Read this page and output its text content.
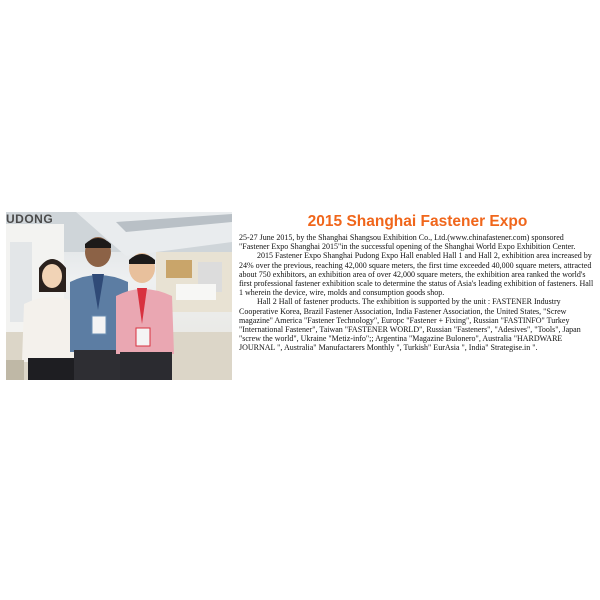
UDONG	2015 Shanghai Fastener Expo

25-27 June 2015, by the Shanghai Shangsou Exhibition Co., Ltd.(www.chinafastener.com) sponsored "Fastener Expo Shanghai 2015"in the successful opening of the Shanghai World Expo Exhibition Center.

2015 Fastener Expo Shanghai Pudong Expo Hall enabled Hall 1 and Hall 2, exhibition area increased by 24% over the previous, reaching 42,000 square meters, the first time exceeded 40,000 square meters, attracted about 750 exhibitors, an exhibition area of over 42,000 square meters, the exhibition area ranked the world's first professional fastener exhibition scale to determine the status of Asia's leading exhibition of fasteners. Hall 1 wherein the device, wire, molds and consumption goods shop.

Hall 2 Hall of fastener products. The exhibition is supported by the unit : FASTENER Industry Cooperative Korea, Brazil Fastener Association, India Fastener Association, the United States, "Screw magazine" America "Fastener Technology", Europc "Fastener + Fixing", Russian "FASTINFO" Turkey "International Fastener", Taiwan "FASTENER WORLD", Russian "Fasteners", "Adesives", "Tools", Japan "screw the world", Ukraine "Metiz-info";; Argentina "Magazine Bulonero", Australia "HARDWARE JOURNAL ", Australia" Manufactarers Monthly ", Turkish" EurAsia ", India" Strategise.in ".
